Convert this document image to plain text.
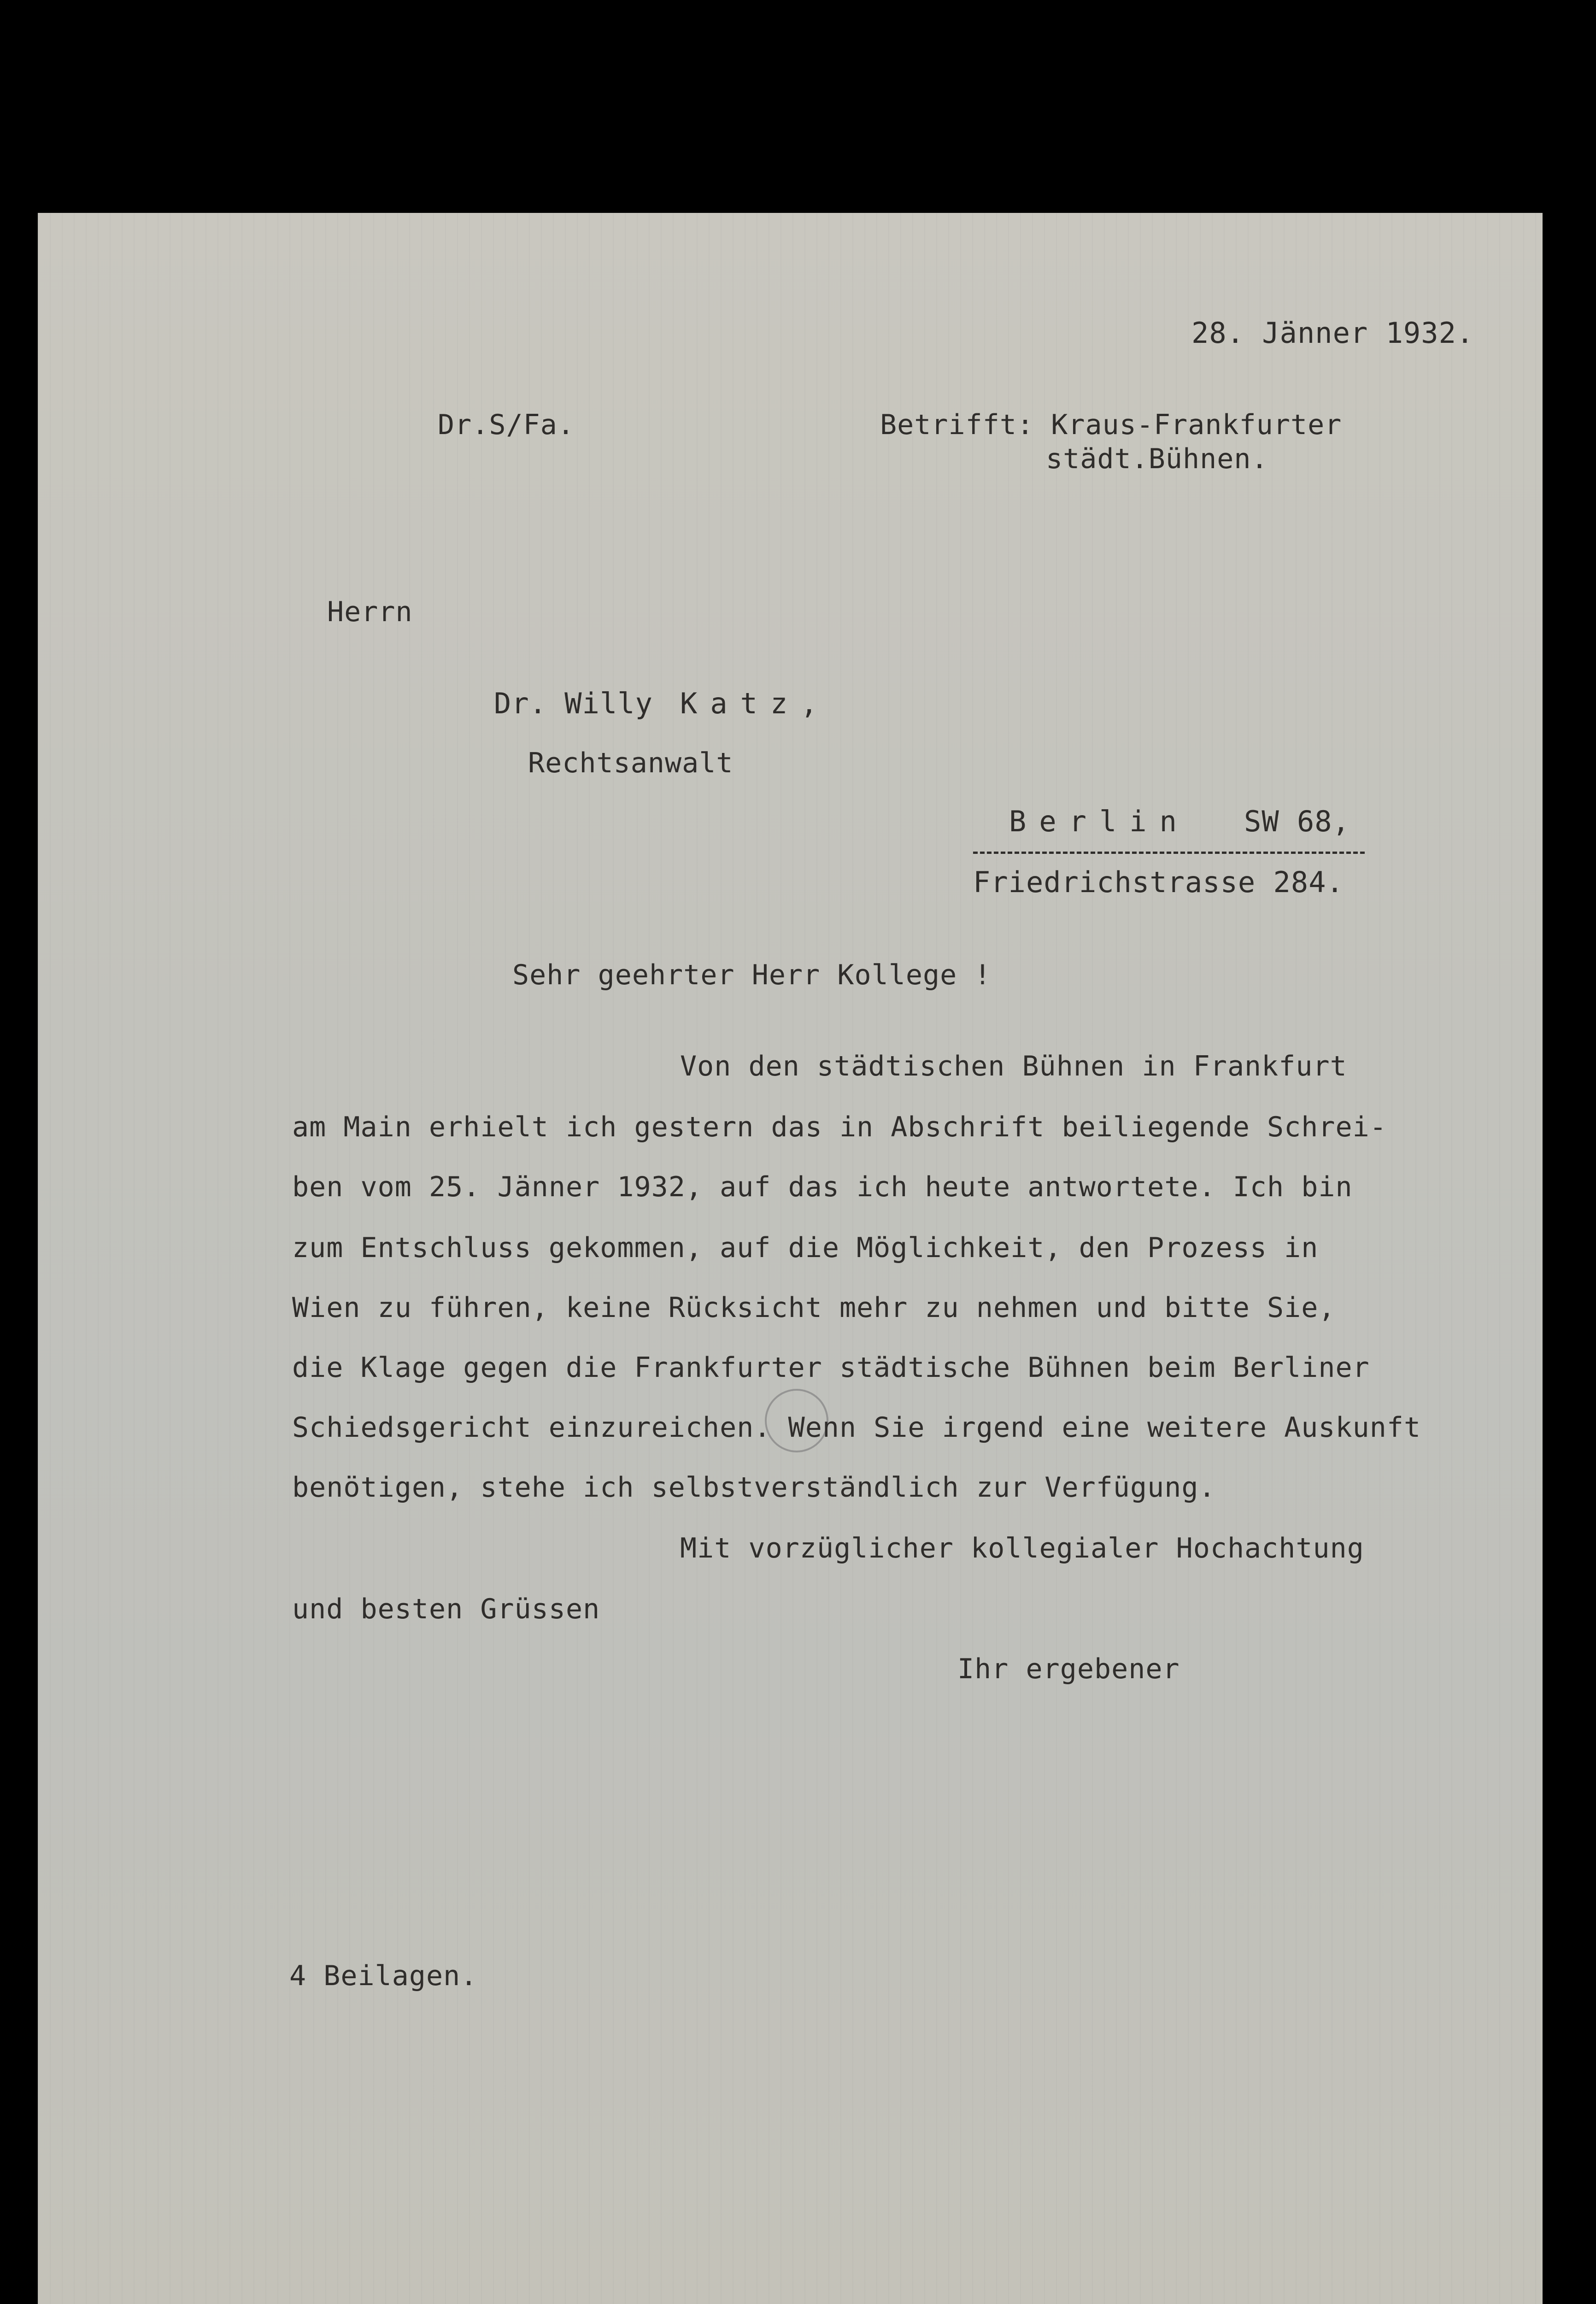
28. Jänner 1932.
Dr.S/Fa.	Betrifft: Kraus-Frankfurter
städt.Bühnen.
Herrn
Dr. Willy Katz,
Rechtsanwalt
Berlin SW 68,
Friedrichstrasse 284.
Sehr geehrter Herr Kollege !
Von den städtischen Bühnen in Frankfurt
am Main erhielt ich gestern das in Abschrift beiliegende Schrei-
ben vom 25. Jänner 1932, auf das ich heute antwortete. Ich bin
zum Entschluss gekommen, auf die Möglichkeit, den Prozess in
Wien zu führen, keine Rücksicht mehr zu nehmen und bitte Sie,
die Klage gegen die Frankfurter städtische Bühnen beim Berliner
Schiedsgericht einzureichen. Wenn Sie irgend eine weitere Auskunft
benötigen, stehe ich selbstverständlich zur Verfügung.
Mit vorzüglicher kollegialer Hochachtung
und besten Grüssen
Ihr ergebener
4 Beilagen.
